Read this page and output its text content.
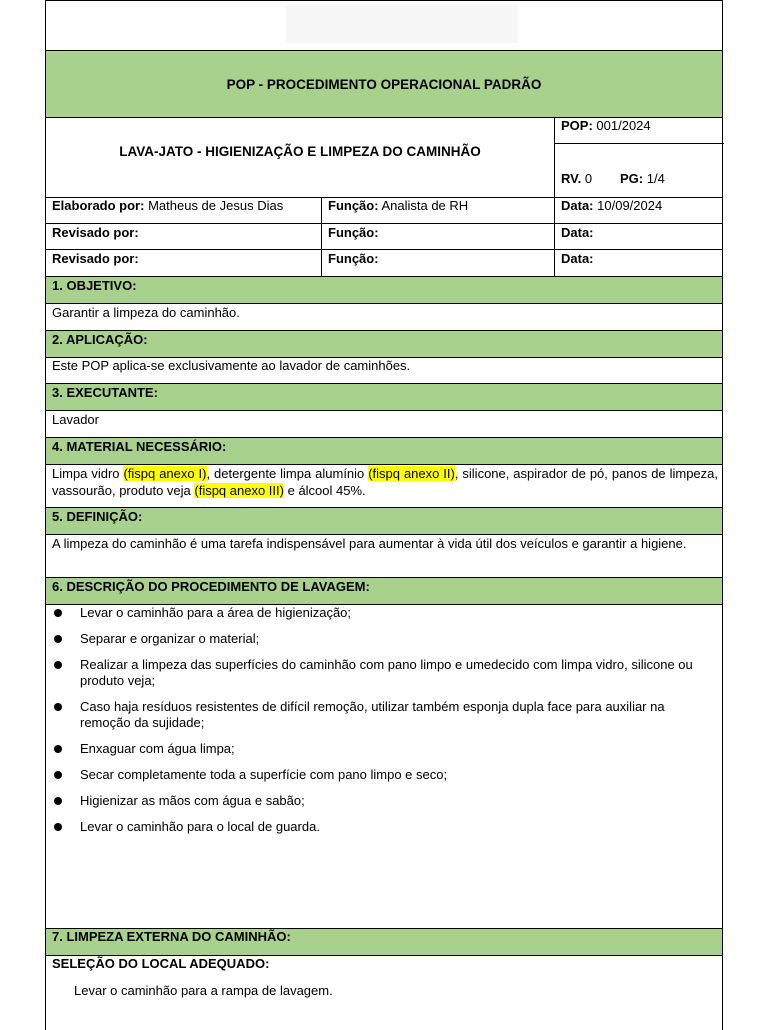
POP - PROCEDIMENTO OPERACIONAL PADRÃO
LAVA-JATO - HIGIENIZAÇÃO E LIMPEZA DO CAMINHÃO
POP: 001/2024
RV. 0 PG: 1/4
Elaborado por: Matheus de Jesus Dias	Função: Analista de RH	Data: 10/09/2024
Revisado por:	Função:	Data:
Revisado por:	Função:	Data:
1. OBJETIVO:
Garantir a limpeza do caminhão.
2. APLICAÇÃO:
Este POP aplica-se exclusivamente ao lavador de caminhões.
3. EXECUTANTE:
Lavador
4. MATERIAL NECESSÁRIO:
Limpa vidro (fispq anexo I), detergente limpa alumínio (fispq anexo II), silicone, aspirador de pó, panos de limpeza, vassourão, produto veja (fispq anexo III) e álcool 45%.
5. DEFINIÇÃO:
A limpeza do caminhão é uma tarefa indispensável para aumentar à vida útil dos veículos e garantir a higiene.
6. DESCRIÇÃO DO PROCEDIMENTO DE LAVAGEM:
Levar o caminhão para a área de higienização;
Separar e organizar o material;
Realizar a limpeza das superfícies do caminhão com pano limpo e umedecido com limpa vidro, silicone ou produto veja;
Caso haja resíduos resistentes de difícil remoção, utilizar também esponja dupla face para auxiliar na remoção da sujidade;
Enxaguar com água limpa;
Secar completamente toda a superfície com pano limpo e seco;
Higienizar as mãos com água e sabão;
Levar o caminhão para o local de guarda.
7. LIMPEZA EXTERNA DO CAMINHÃO:
SELEÇÃO DO LOCAL ADEQUADO:
Levar o caminhão para a rampa de lavagem.
